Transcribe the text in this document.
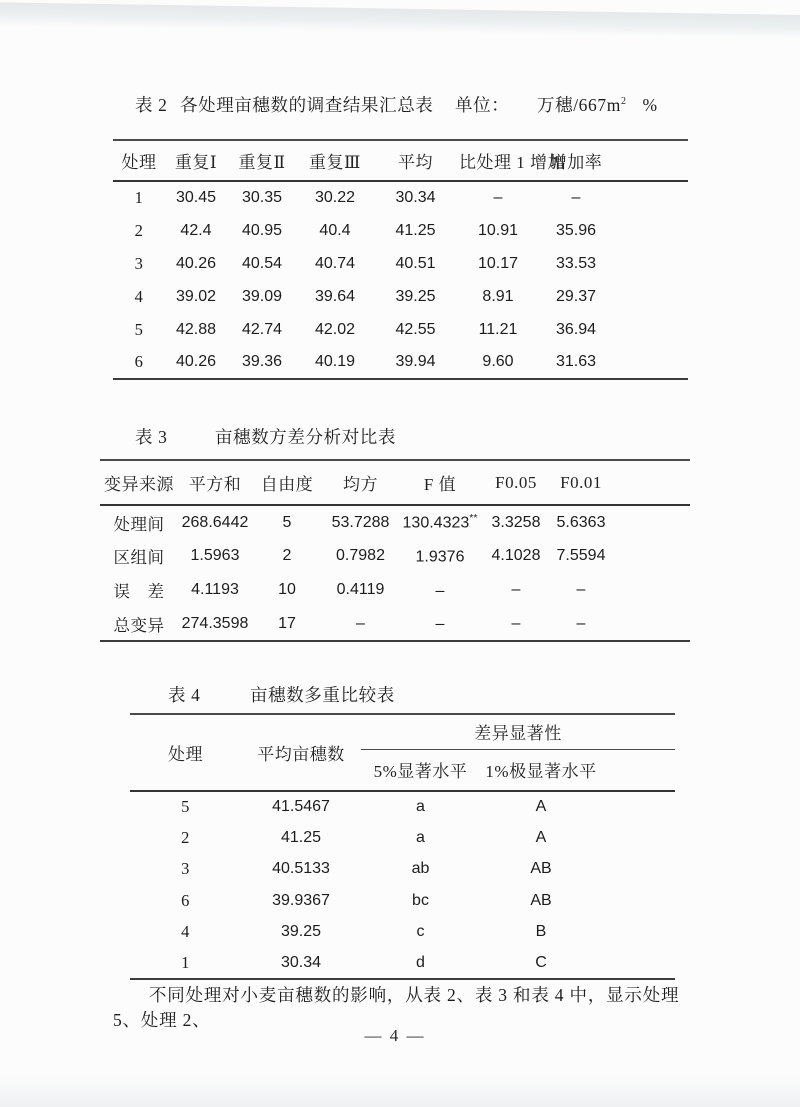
表 2 各处理亩穗数的调查结果汇总表 单位： 万穗$/667m^2$ %
处理	重复Ⅰ	重复Ⅱ	重复Ⅲ	平均	比处理 1 增加	增加率
1	30.45	30.35	30.22	30.34	–	–
2	42.4	40.95	40.4	41.25	10.91	35.96
3	40.26	40.54	40.74	40.51	10.17	33.53
4	39.02	39.09	39.64	39.25	8.91	29.37
5	42.88	42.74	42.02	42.55	11.21	36.94
6	40.26	39.36	40.19	39.94	9.60	31.63
表 3	亩穗数方差分析对比表
变异来源	平方和	自由度	均方	F 值	F0.05	F0.01
处理间	268.6442	5	53.7288	130.4323**	3.3258	5.6363
区组间	1.5963	2	0.7982	1.9376	4.1028	7.5594
误　差	4.1193	10	0.4119	–	–	–
总变异	274.3598	17	–	–	–	–
表 4	亩穗数多重比较表
处理	平均亩穗数	差异显著性	
		5%显著水平	1%极显著水平
5	41.5467	a	A
2	41.25	a	A
3	40.5133	ab	AB
6	39.9367	bc	AB
4	39.25	c	B
1	30.34	d	C

不同处理对小麦亩穗数的影响，从表 2、表 3 和表 4 中，显示处理 5、处理 2、

— 4 —
